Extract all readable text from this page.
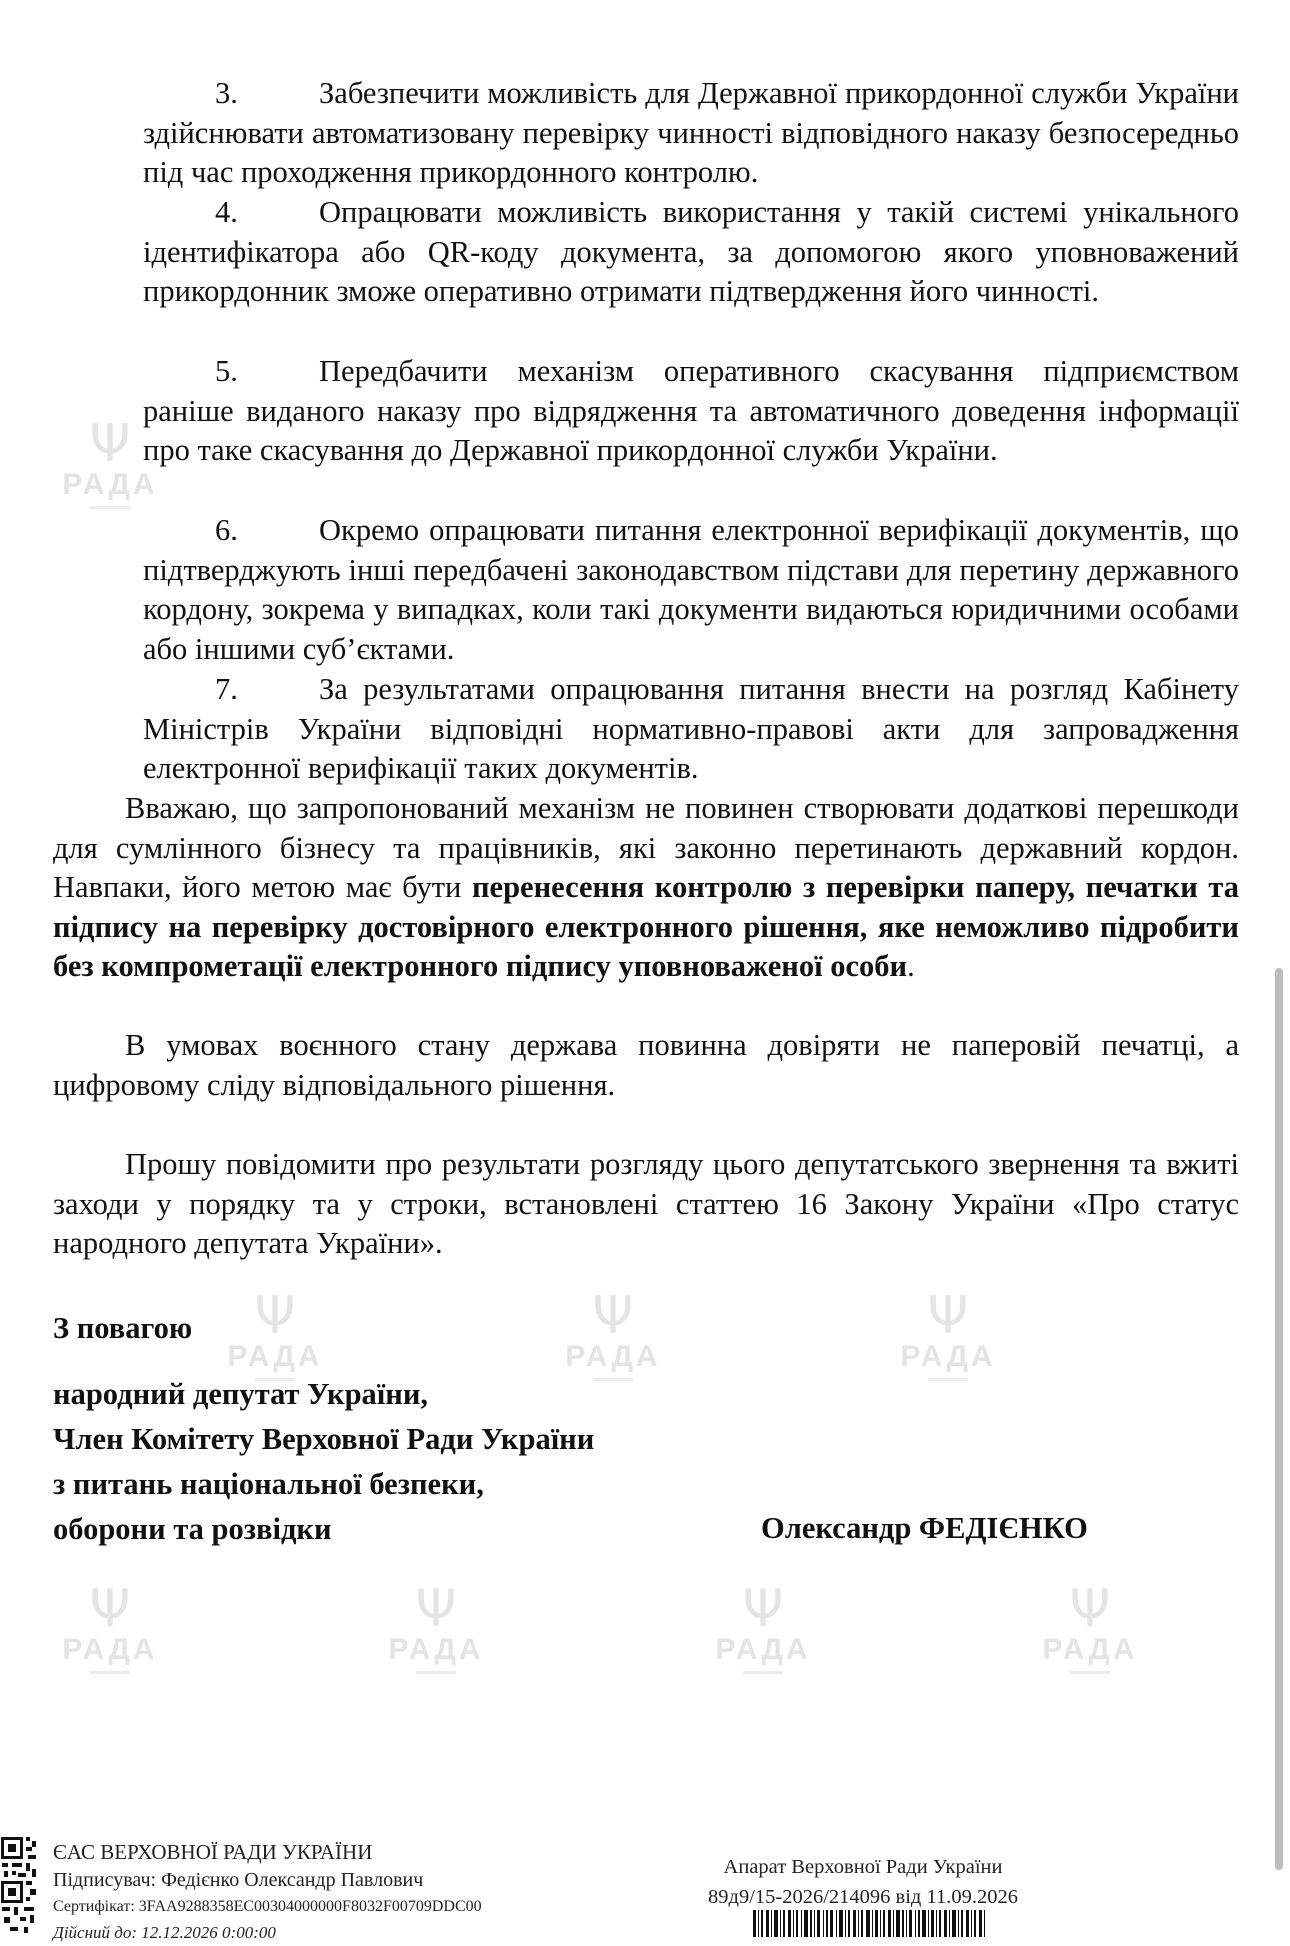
Ψ
РАДА
Ψ
РАДА
Ψ
РАДА
Ψ
РАДА
Ψ
РАДА
Ψ
РАДА
Ψ
РАДА
Ψ
РАДА

3.	Забезпечити можливість для Державної прикордонної служби України здійснювати автоматизовану перевірку чинності відповідного наказу безпосередньо під час проходження прикордонного контролю.

4.	Опрацювати можливість використання у такій системі унікального ідентифікатора або QR-коду документа, за допомогою якого уповноважений прикордонник зможе оперативно отримати підтвердження його чинності.

5.	Передбачити механізм оперативного скасування підприємством раніше виданого наказу про відрядження та автоматичного доведення інформації про таке скасування до Державної прикордонної служби України.

6.	Окремо опрацювати питання електронної верифікації документів, що підтверджують інші передбачені законодавством підстави для перетину державного кордону, зокрема у випадках, коли такі документи видаються юридичними особами або іншими суб’єктами.

7.	За результатами опрацювання питання внести на розгляд Кабінету Міністрів України відповідні нормативно-правові акти для запровадження електронної верифікації таких документів.

Вважаю, що запропонований механізм не повинен створювати додаткові перешкоди для сумлінного бізнесу та працівників, які законно перетинають державний кордон. Навпаки, його метою має бути перенесення контролю з перевірки паперу, печатки та підпису на перевірку достовірного електронного рішення, яке неможливо підробити без компрометації електронного підпису уповноваженої особи.

В умовах воєнного стану держава повинна довіряти не паперовій печатці, а цифровому сліду відповідального рішення.

Прошу повідомити про результати розгляду цього депутатського звернення та вжиті заходи у порядку та у строки, встановлені статтею 16 Закону України «Про статус народного депутата України».

З повагою
народний депутат України,
Член Комітету Верховної Ради України
з питань національної безпеки,
оборони та розвідки	Олександр ФЕДІЄНКО
ЄАС ВЕРХОВНОЇ РАДИ УКРАЇНИ
Підписувач: Федієнко Олександр Павлович
Сертифікат: 3FAA9288358EC00304000000F8032F00709DDC00
Дійсний до: 12.12.2026 0:00:00
Апарат Верховної Ради України
89д9/15-2026/214096 від 11.09.2026
